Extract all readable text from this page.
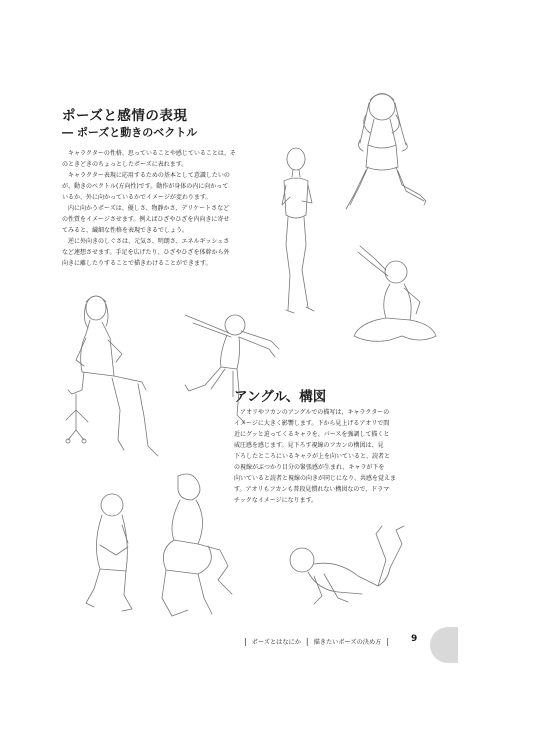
ポーズと感情の表現
― ポーズと動きのベクトル

キャラクターの性格、思っていることや感じていることは、そ

のときどきのちょっとしたポーズに表れます。

キャラクター表現に応用するための基本として意識したいの

が、動きのベクトル(方向性)です。動作が身体の内に向かって

いるか、外に向かっているかでイメージが変わります。

内に向かうポーズは、優しさ、物静かさ、デリケートさなど

の性質をイメージさせます。例えばひざやひざを内向きに寄せ

てみると、繊細な性格を表現できるでしょう。

逆に外向きのしぐさは、元気さ、明朗さ、エネルギッシュさ

など連想させます。手足を広げたり、ひざやひざを体幹から外

向きに離したりすることで描きわけることができます。

アングル、構図

アオリやフカンのアングルでの描写は、キャラクターの

イメージに大きく影響します。下から見上げるアオリで間

近にグッと迫ってくるキャラを、パースを強調して描くと

威圧感を感じます。見下ろす視線のフカンの構図は、見

下ろしたところにいるキャラが上を向いていると、読者と

の視線がぶつかり目分の緊張感が生まれ、キャラが下を

向いていると読者と視線の向きが同じになり、共感を覚えま

す。アオリもフカンも普段見慣れない構図なので、ドラマ

チックなイメージになります。

| ポーズとはなにか | 描きたいポーズの決め方 | 9
